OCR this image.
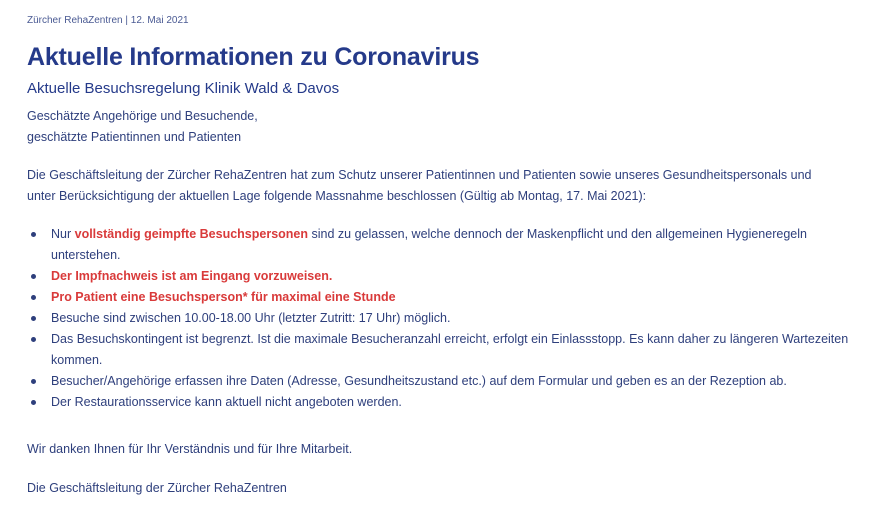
Zürcher RehaZentren | 12. Mai 2021
Aktuelle Informationen zu Coronavirus
Aktuelle Besuchsregelung Klinik Wald & Davos

Geschätzte Angehörige und Besuchende,
geschätzte Patientinnen und Patienten

Die Geschäftsleitung der Zürcher RehaZentren hat zum Schutz unserer Patientinnen und Patienten sowie unseres Gesundheitspersonals und unter Berücksichtigung der aktuellen Lage folgende Massnahme beschlossen (Gültig ab Montag, 17. Mai 2021):

Nur vollständig geimpfte Besuchspersonen sind zu gelassen, welche dennoch der Maskenpflicht und den allgemeinen Hygieneregeln unterstehen.
Der Impfnachweis ist am Eingang vorzuweisen.
Pro Patient eine Besuchsperson* für maximal eine Stunde
Besuche sind zwischen 10.00-18.00 Uhr (letzter Zutritt: 17 Uhr) möglich.
Das Besuchskontingent ist begrenzt. Ist die maximale Besucheranzahl erreicht, erfolgt ein Einlassstopp. Es kann daher zu längeren Wartezeiten kommen.
Besucher/Angehörige erfassen ihre Daten (Adresse, Gesundheitszustand etc.) auf dem Formular und geben es an der Rezeption ab.
Der Restaurationsservice kann aktuell nicht angeboten werden.

Wir danken Ihnen für Ihr Verständnis und für Ihre Mitarbeit.

Die Geschäftsleitung der Zürcher RehaZentren
